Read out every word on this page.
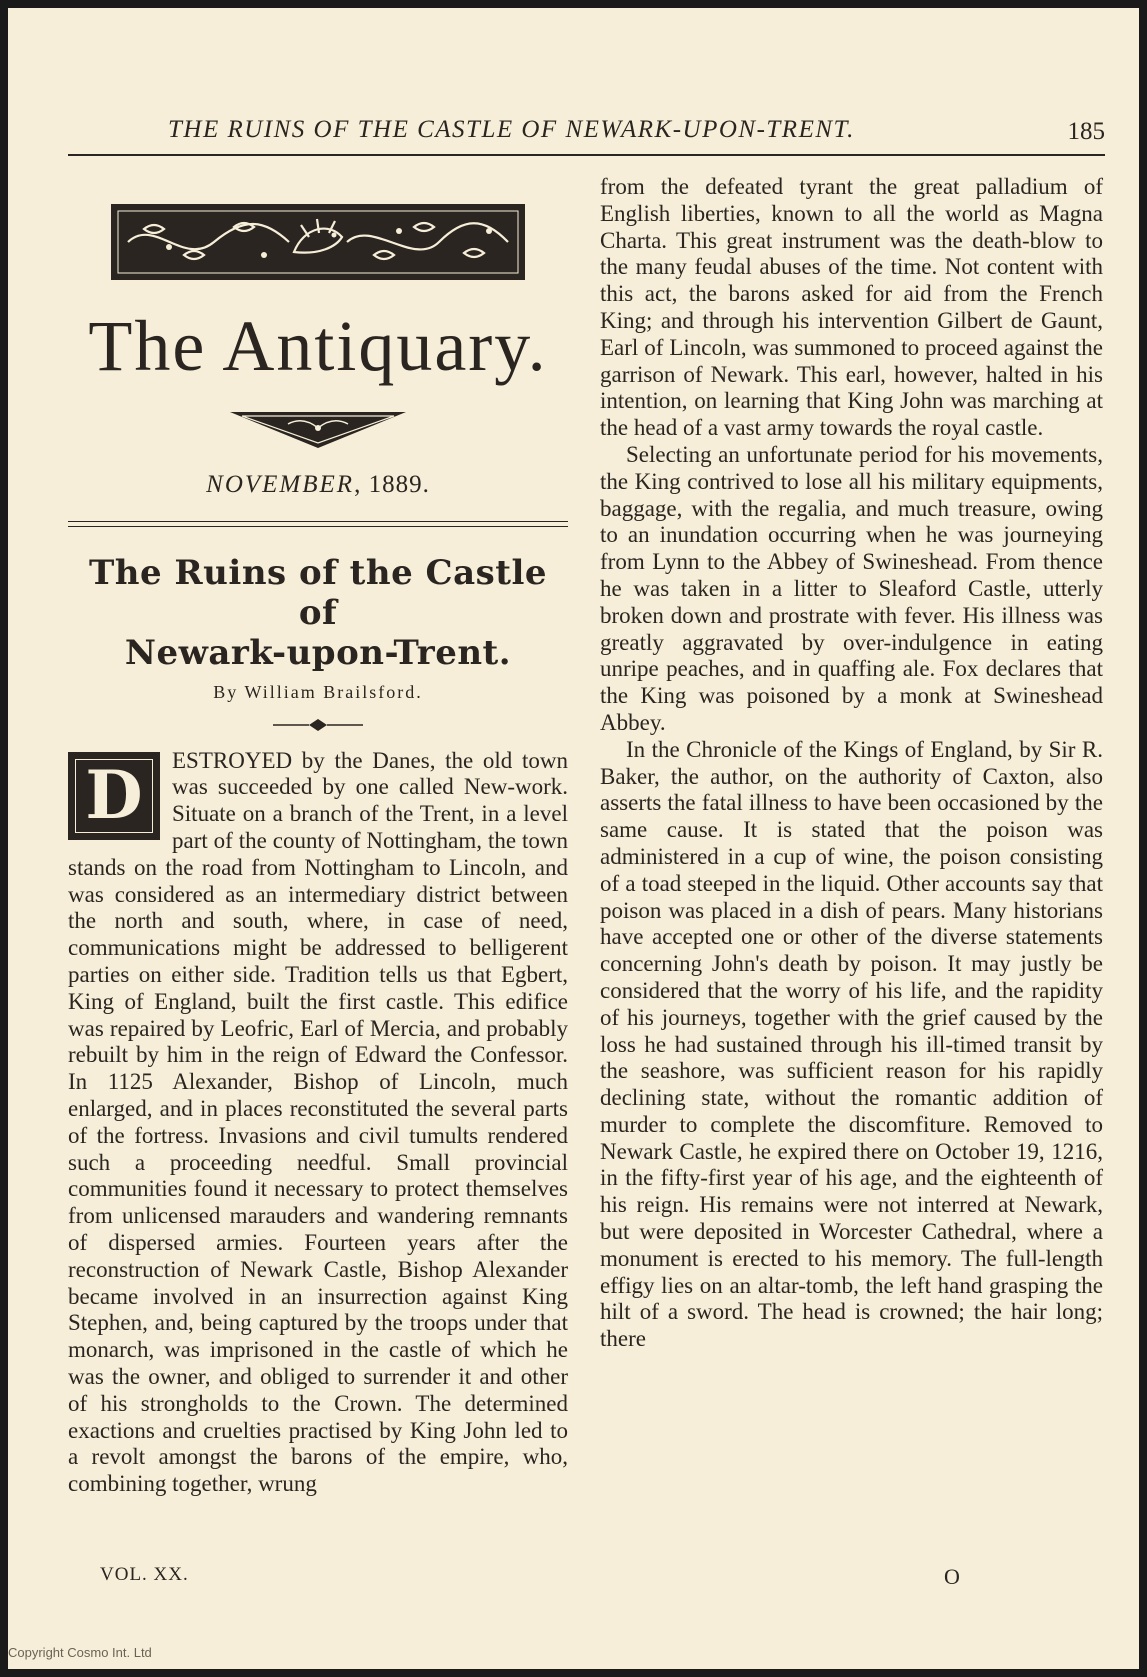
THE RUINS OF THE CASTLE OF NEWARK-UPON-TRENT.	185
The Antiquary.
NOVEMBER, 1889.
The Ruins of the Castle of
Newark-upon-Trent.
By William Brailsford.

D ESTROYED by the Danes, the old town was succeeded by one called New-work. Situate on a branch of the Trent, in a level part of the county of Nottingham, the town stands on the road from Nottingham to Lincoln, and was considered as an intermediary district between the north and south, where, in case of need, communications might be addressed to belligerent parties on either side. Tradition tells us that Egbert, King of England, built the first castle. This edifice was repaired by Leofric, Earl of Mercia, and probably rebuilt by him in the reign of Edward the Confessor. In 1125 Alexander, Bishop of Lincoln, much enlarged, and in places reconstituted the several parts of the fortress. Invasions and civil tumults rendered such a proceeding needful. Small provincial communities found it necessary to protect themselves from unlicensed marauders and wandering remnants of dispersed armies. Fourteen years after the reconstruction of Newark Castle, Bishop Alexander became involved in an insurrection against King Stephen, and, being captured by the troops under that monarch, was imprisoned in the castle of which he was the owner, and obliged to surrender it and other of his strongholds to the Crown. The determined exactions and cruelties practised by King John led to a revolt amongst the barons of the empire, who, combining together, wrung

from the defeated tyrant the great palladium of English liberties, known to all the world as Magna Charta. This great instrument was the death-blow to the many feudal abuses of the time. Not content with this act, the barons asked for aid from the French King; and through his intervention Gilbert de Gaunt, Earl of Lincoln, was summoned to proceed against the garrison of Newark. This earl, however, halted in his intention, on learning that King John was marching at the head of a vast army towards the royal castle.

Selecting an unfortunate period for his movements, the King contrived to lose all his military equipments, baggage, with the regalia, and much treasure, owing to an inundation occurring when he was journeying from Lynn to the Abbey of Swineshead. From thence he was taken in a litter to Sleaford Castle, utterly broken down and prostrate with fever. His illness was greatly aggravated by over-indulgence in eating unripe peaches, and in quaffing ale. Fox declares that the King was poisoned by a monk at Swineshead Abbey.

In the Chronicle of the Kings of England, by Sir R. Baker, the author, on the authority of Caxton, also asserts the fatal illness to have been occasioned by the same cause. It is stated that the poison was administered in a cup of wine, the poison consisting of a toad steeped in the liquid. Other accounts say that poison was placed in a dish of pears. Many historians have accepted one or other of the diverse statements concerning John's death by poison. It may justly be considered that the worry of his life, and the rapidity of his journeys, together with the grief caused by the loss he had sustained through his ill-timed transit by the seashore, was sufficient reason for his rapidly declining state, without the romantic addition of murder to complete the discomfiture. Removed to Newark Castle, he expired there on October 19, 1216, in the fifty-first year of his age, and the eighteenth of his reign. His remains were not interred at Newark, but were deposited in Worcester Cathedral, where a monument is erected to his memory. The full-length effigy lies on an altar-tomb, the left hand grasping the hilt of a sword. The head is crowned; the hair long; there

VOL. XX.	O
Copyright Cosmo Int. Ltd
